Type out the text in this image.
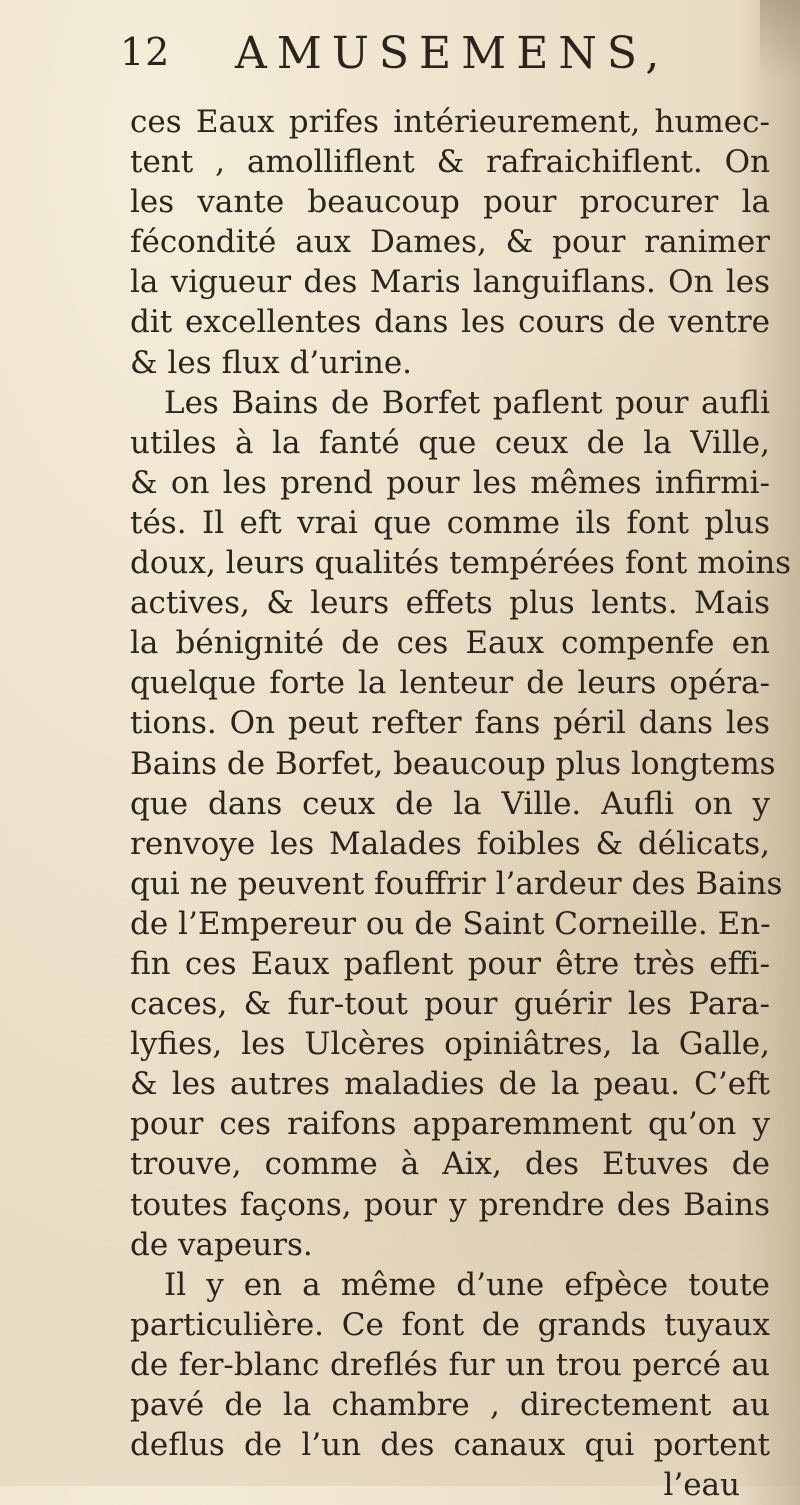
12 AMUSEMENS,
ces Eaux prifes intérieurement, humec-
tent , amolliflent & rafraichiflent. On
les vante beaucoup pour procurer la
fécondité aux Dames, & pour ranimer
la vigueur des Maris languiflans. On les
dit excellentes dans les cours de ventre
& les flux d’urine.
Les Bains de Borfet paflent pour aufli
utiles à la fanté que ceux de la Ville,
& on les prend pour les mêmes infirmi-
tés. Il eft vrai que comme ils font plus
doux, leurs qualités tempérées font moins
actives, & leurs effets plus lents. Mais
la bénignité de ces Eaux compenfe en
quelque forte la lenteur de leurs opéra-
tions. On peut refter fans péril dans les
Bains de Borfet, beaucoup plus longtems
que dans ceux de la Ville. Aufli on y
renvoye les Malades foibles & délicats,
qui ne peuvent fouffrir l’ardeur des Bains
de l’Empereur ou de Saint Corneille. En-
fin ces Eaux paflent pour être très effi-
caces, & fur-tout pour guérir les Para-
lyfies, les Ulcères opiniâtres, la Galle,
& les autres maladies de la peau. C’eft
pour ces raifons apparemment qu’on y
trouve, comme à Aix, des Etuves de
toutes façons, pour y prendre des Bains
de vapeurs.
Il y en a même d’une efpèce toute
particulière. Ce font de grands tuyaux
de fer-blanc dreflés fur un trou percé au
pavé de la chambre , directement au
deflus de l’un des canaux qui portent
l’eau
